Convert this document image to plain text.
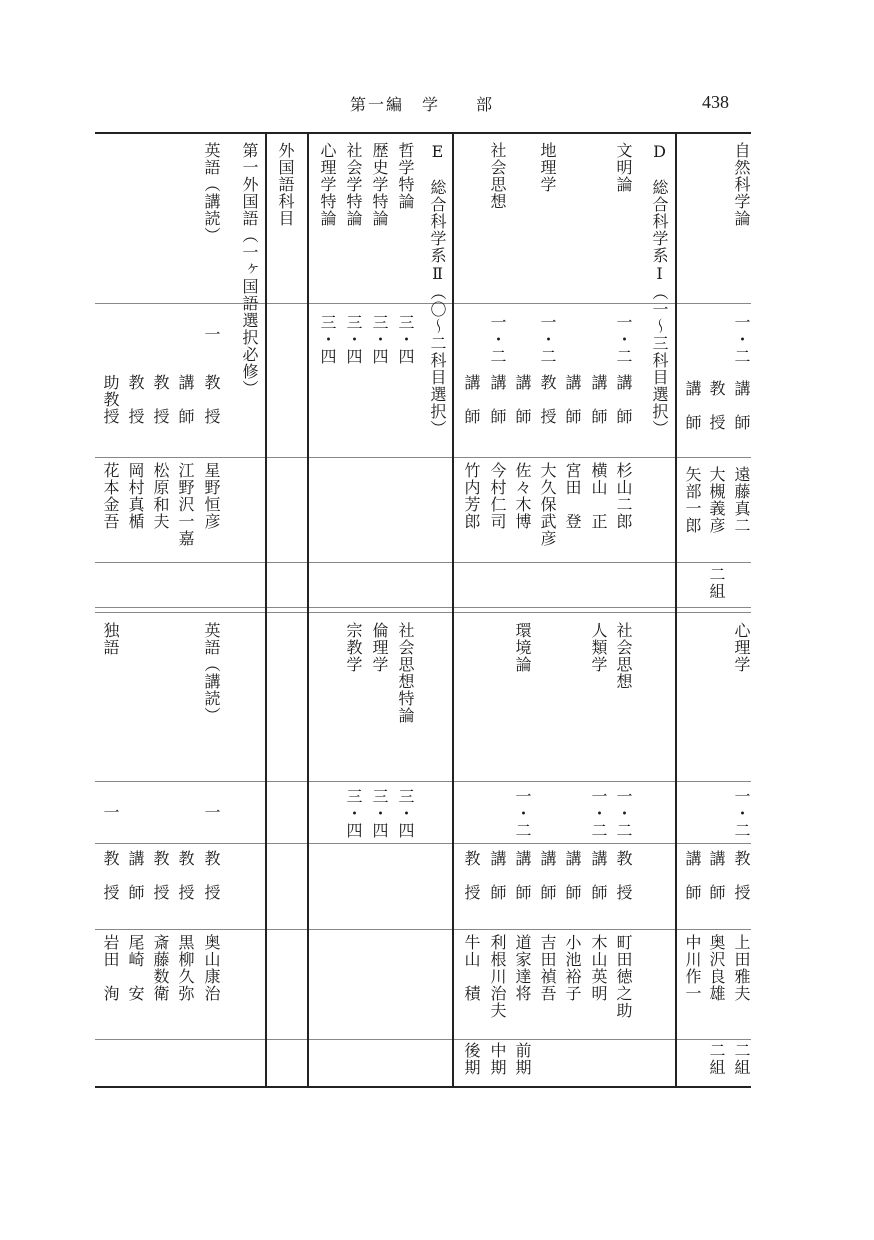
第一編　学　　部	438
自然科学論
一・二
講　師
教　授
講　師
遠藤真二
大槻義彦
矢部一郎
二組
D　総合科学系Ⅰ（一〜三科目選択）
文明論
一・二
地理学
一・二
社会思想
一・二
講　師
講　師
講　師
教　授
講　師
講　師
講　師
杉山二郎
横山　正
宮田　登
大久保武彦
佐々木博
今村仁司
竹内芳郎
E　総合科学系Ⅱ（〇〜二科目選択）
哲学特論
三・四
歴史学特論
三・四
社会学特論
三・四
心理学特論
三・四
外国語科目
第一外国語（一ヶ国語選択必修）
英語（講読）
一
教　授
講　師
教　授
教　授
助教授
星野恒彦
江野沢一嘉
松原和夫
岡村真楯
花本金吾
心理学
一・二
教　授
講　師
講　師
上田雅夫
奥沢良雄
中川作一
二組
二組
社会思想
一・二
人類学
一・二
環境論
一・二
教　授
講　師
講　師
講　師
講　師
講　師
教　授
町田徳之助
木山英明
小池裕子
吉田禎吾
道家達将
利根川治夫
牛山　積
前期
中期
後期
社会思想特論
三・四
倫理学
三・四
宗教学
三・四
英語（講読）
一
独語
一
教　授
教　授
教　授
講　師
教　授
奥山康治
黒柳久弥
斎藤数衛
尾崎　安
岩田　洵
